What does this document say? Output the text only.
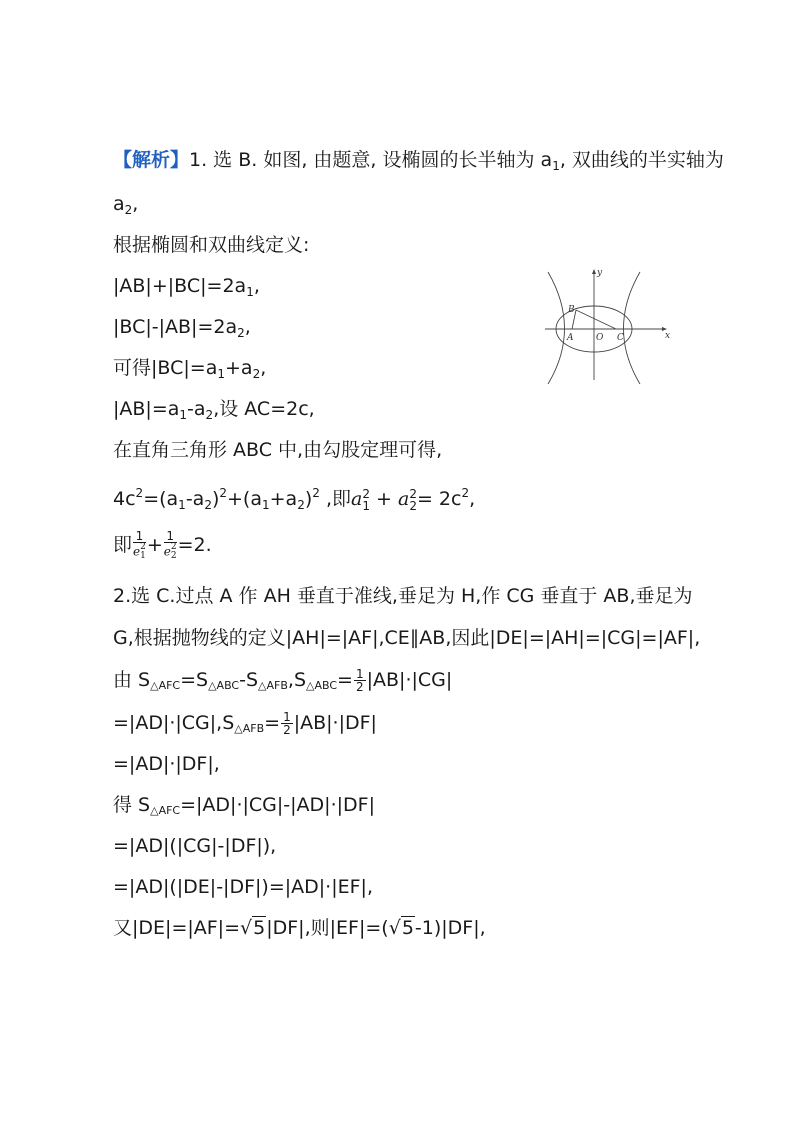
【解析】1. 选 B. 如图, 由题意, 设椭圆的长半轴为 $a_1$, 双曲线的半实轴为
$a_2$,
根据椭圆和双曲线定义:
$|AB|+|BC|=2a_1$,
$|BC|-|AB|=2a_2$,
可得$|BC|=a_1+a_2$,
$|AB|=a_1-a_2$,设 AC=2c,
在直角三角形 ABC 中,由勾股定理可得,
$4c^2=(a_1-a_2)^2+(a_1+a_2)^2$ ,即a 2
1 + a 2
$2 = 2c^2$,
即 1
e 2
1 + 1
e 2
2 =2.
2.选 C.过点 A 作 AH 垂直于准线,垂足为 H,作 CG 垂直于 AB,垂足为
G,根据抛物线的定义|AH|=|AF|,CE∥AB,因此|DE|=|AH|=|CG|=|AF|,
由 S△AFC=S△ABC-S△AFB,S△ABC= $\frac{1}{2} |AB|\cdot|CG|$
=|AD|·|CG|,S△AFB= $\frac{1}{2} |AB|\cdot|DF|$
=|AD|·|DF|,
得 S△AFC=|AD|·|CG|-|AD|·|DF|
=|AD|(|CG|-|DF|),
=|AD|(|DE|-|DF|)=|AD|·|EF|,
又|DE|=|AF|=√5|DF|,则|EF|=(√5-1)|DF|,
x
y
B
A	O C
